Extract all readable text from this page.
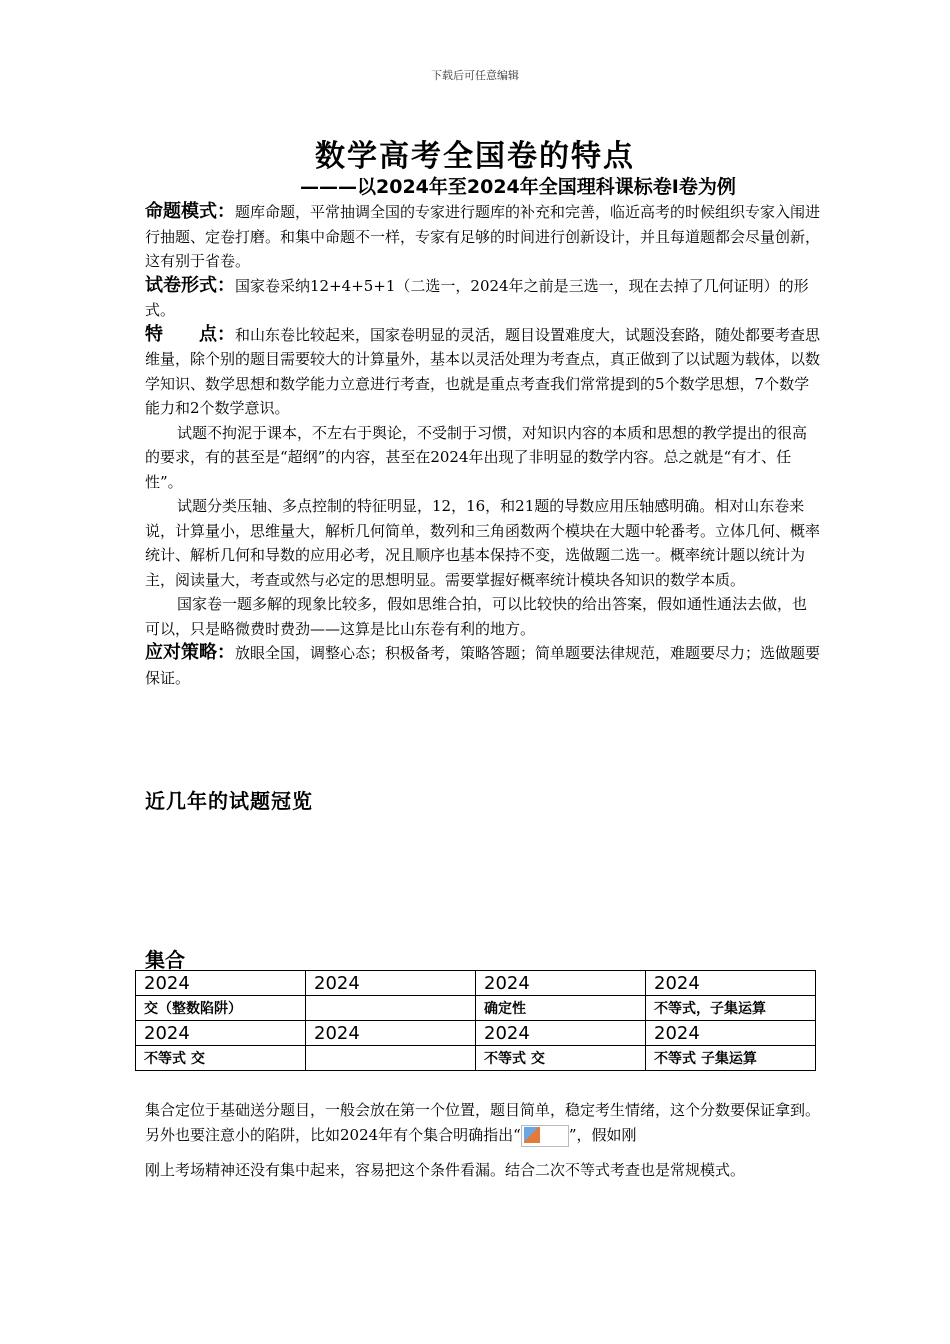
下载后可任意编辑
数学高考全国卷的特点
———以2024年至2024年全国理科课标卷Ⅰ卷为例

命题模式：题库命题，平常抽调全国的专家进行题库的补充和完善，临近高考的时候组织专家入闱进行抽题、定卷打磨。和集中命题不一样，专家有足够的时间进行创新设计，并且每道题都会尽量创新，这有别于省卷。

试卷形式：国家卷采纳12+4+5+1（二选一，2024年之前是三选一，现在去掉了几何证明）的形式。

特　　点：和山东卷比较起来，国家卷明显的灵活，题目设置难度大，试题没套路，随处都要考查思维量，除个别的题目需要较大的计算量外，基本以灵活处理为考查点，真正做到了以试题为载体，以数学知识、数学思想和数学能力立意进行考查，也就是重点考查我们常常提到的5个数学思想，7个数学能力和2个数学意识。

试题不拘泥于课本，不左右于舆论，不受制于习惯，对知识内容的本质和思想的教学提出的很高的要求，有的甚至是“超纲”的内容，甚至在2024年出现了非明显的数学内容。总之就是“有才、任性”。

试题分类压轴、多点控制的特征明显，12，16，和21题的导数应用压轴感明确。相对山东卷来说，计算量小，思维量大，解析几何简单，数列和三角函数两个模块在大题中轮番考。立体几何、概率统计、解析几何和导数的应用必考，况且顺序也基本保持不变，选做题二选一。概率统计题以统计为主，阅读量大，考查或然与必定的思想明显。需要掌握好概率统计模块各知识的数学本质。

国家卷一题多解的现象比较多，假如思维合拍，可以比较快的给出答案，假如通性通法去做，也可以，只是略微费时费劲——这算是比山东卷有利的地方。

应对策略：放眼全国，调整心态；积极备考，策略答题；简单题要法律规范，难题要尽力；选做题要保证。

近几年的试题冠览
集合
2024	2024	2024	2024
交（整数陷阱）		确定性	不等式，子集运算
2024	2024	2024	2024
不等式 交		不等式 交	不等式 子集运算

集合定位于基础送分题目，一般会放在第一个位置，题目简单，稳定考生情绪，这个分数要保证拿到。另外也要注意小的陷阱，比如2024年有个集合明确指出“	”，假如刚

刚上考场精神还没有集中起来，容易把这个条件看漏。结合二次不等式考查也是常规模式。
